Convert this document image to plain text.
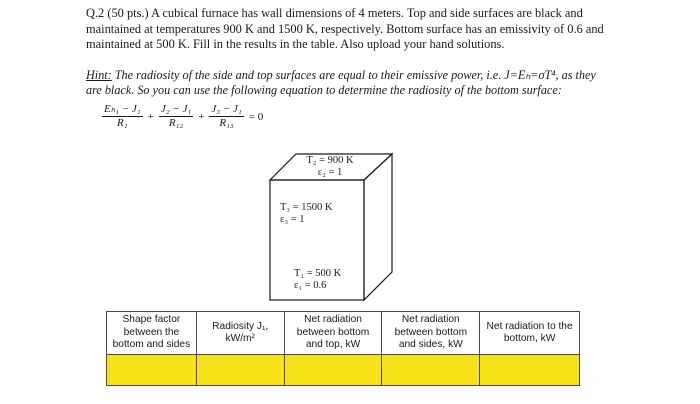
Q.2 (50 pts.) A cubical furnace has wall dimensions of 4 meters. Top and side surfaces are black and maintained at temperatures 900 K and 1500 K, respectively. Bottom surface has an emissivity of 0.6 and maintained at 500 K. Fill in the results in the table. Also upload your hand solutions.
Hint: The radiosity of the side and top surfaces are equal to their emissive power, i.e. J=Eₕ=σT⁴, as they are black. So you can use the following equation to determine the radiosity of the bottom surface:
$\frac{\text{Eₕ₁ − J₁}}{\text{R₁}} + \frac{\text{J₂ − J₁}}{\text{R₁₂}} + \frac{\text{J₃ − J₁}}{\text{R₁₃}} = 0$
T₂ = 900 K
ε₂ = 1
T₃ = 1500 K
ε₃ = 1
T₁ = 500 K
ε₁ = 0.6
Shape factor between the bottom and sides	Radiosity J₁, kW/m²	Net radiation between bottom and top, kW	Net radiation between bottom and sides, kW	Net radiation to the bottom, kW
